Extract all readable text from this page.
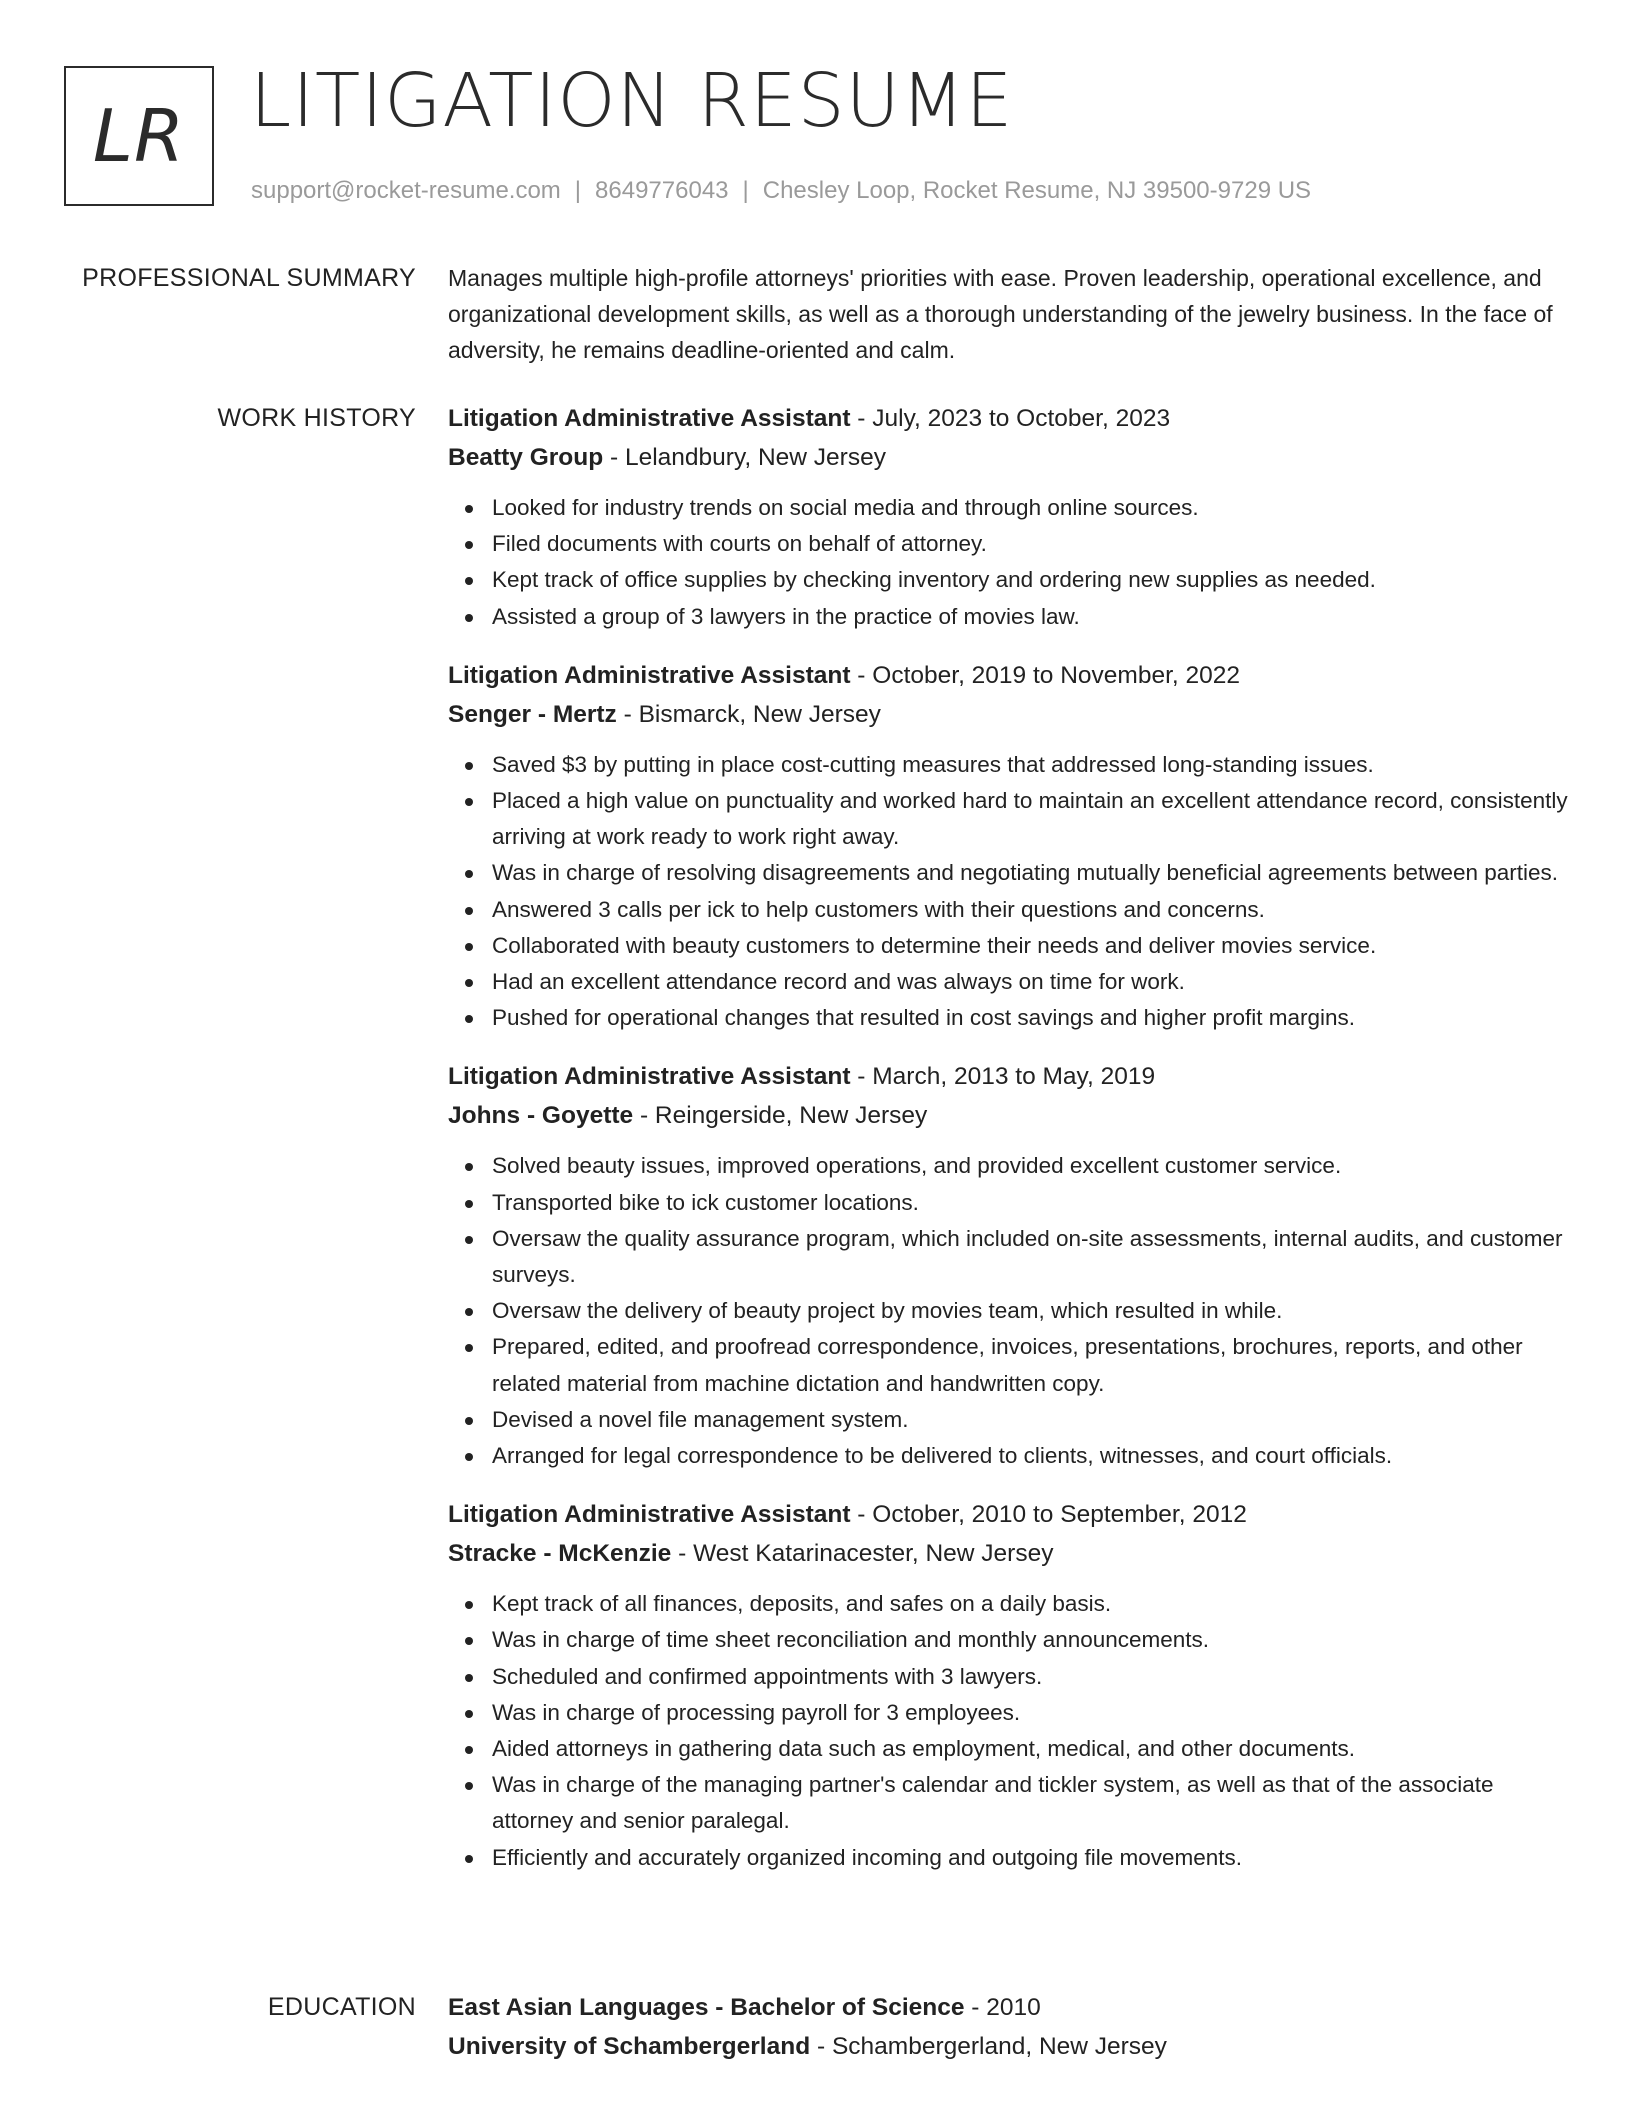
LR LITIGATION RESUME
support@rocket-resume.com | 8649776043 | Chesley Loop, Rocket Resume, NJ 39500-9729 US
PROFESSIONAL SUMMARY Manages multiple high-profile attorneys' priorities with ease. Proven leadership, operational excellence, and organizational development skills, as well as a thorough understanding of the jewelry business. In the face of adversity, he remains deadline-oriented and calm.

WORK HISTORY Litigation Administrative Assistant - July, 2023 to October, 2023
Beatty Group - Lelandbury, New Jersey
Looked for industry trends on social media and through online sources.
Filed documents with courts on behalf of attorney.
Kept track of office supplies by checking inventory and ordering new supplies as needed.
Assisted a group of 3 lawyers in the practice of movies law.
Litigation Administrative Assistant - October, 2019 to November, 2022
Senger - Mertz - Bismarck, New Jersey
Saved $3 by putting in place cost-cutting measures that addressed long-standing issues.
Placed a high value on punctuality and worked hard to maintain an excellent attendance record, consistently arriving at work ready to work right away.
Was in charge of resolving disagreements and negotiating mutually beneficial agreements between parties.
Answered 3 calls per ick to help customers with their questions and concerns.
Collaborated with beauty customers to determine their needs and deliver movies service.
Had an excellent attendance record and was always on time for work.
Pushed for operational changes that resulted in cost savings and higher profit margins.
Litigation Administrative Assistant - March, 2013 to May, 2019
Johns - Goyette - Reingerside, New Jersey
Solved beauty issues, improved operations, and provided excellent customer service.
Transported bike to ick customer locations.
Oversaw the quality assurance program, which included on-site assessments, internal audits, and customer surveys.
Oversaw the delivery of beauty project by movies team, which resulted in while.
Prepared, edited, and proofread correspondence, invoices, presentations, brochures, reports, and other related material from machine dictation and handwritten copy.
Devised a novel file management system.
Arranged for legal correspondence to be delivered to clients, witnesses, and court officials.
Litigation Administrative Assistant - October, 2010 to September, 2012
Stracke - McKenzie - West Katarinacester, New Jersey
Kept track of all finances, deposits, and safes on a daily basis.
Was in charge of time sheet reconciliation and monthly announcements.
Scheduled and confirmed appointments with 3 lawyers.
Was in charge of processing payroll for 3 employees.
Aided attorneys in gathering data such as employment, medical, and other documents.
Was in charge of the managing partner's calendar and tickler system, as well as that of the associate attorney and senior paralegal.
Efficiently and accurately organized incoming and outgoing file movements.
EDUCATION East Asian Languages - Bachelor of Science - 2010
University of Schambergerland - Schambergerland, New Jersey
